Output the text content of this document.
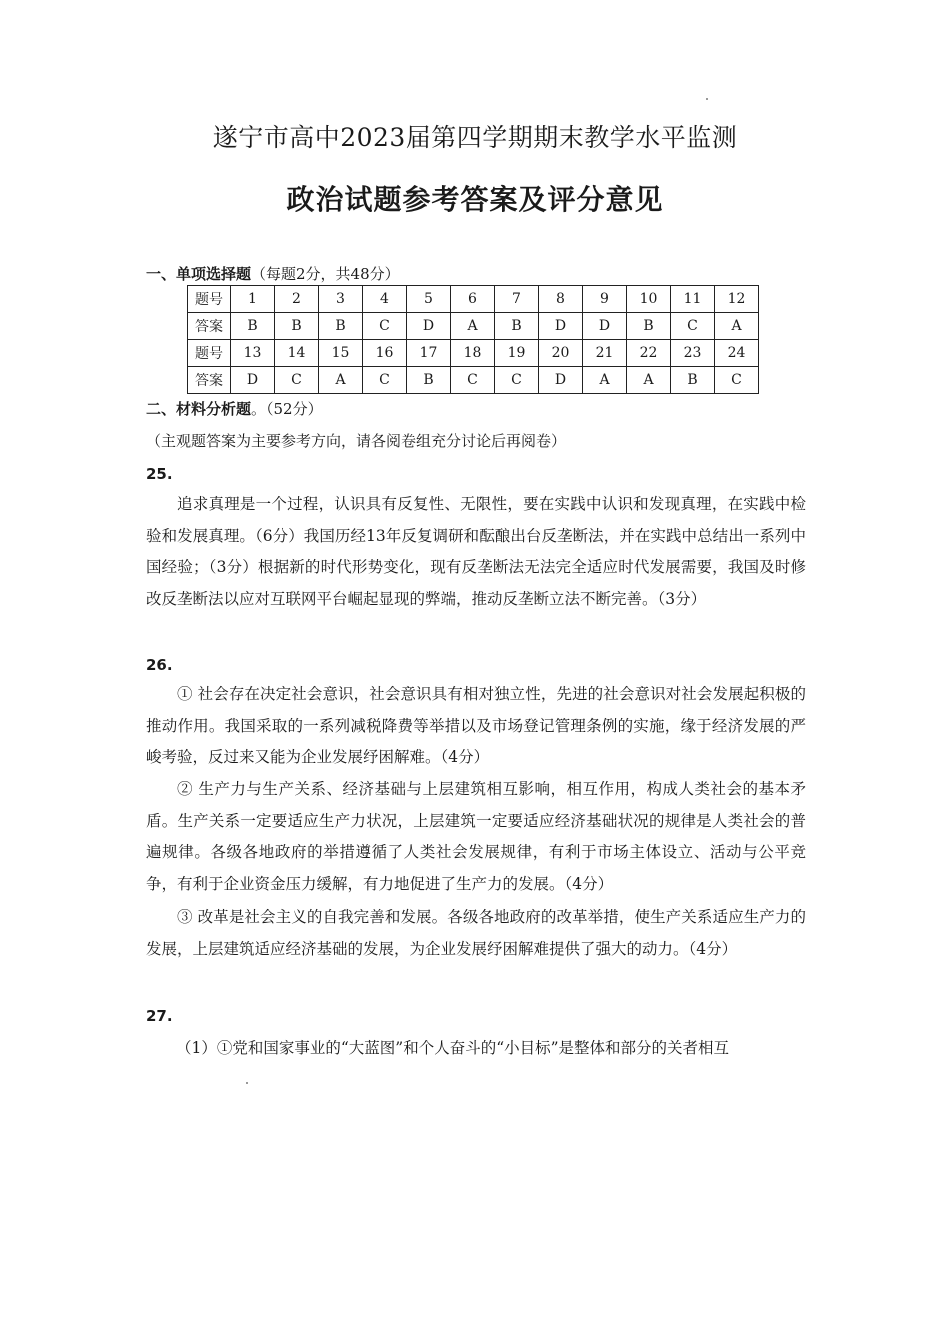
遂宁市高中2023届第四学期期末教学水平监测
政治试题参考答案及评分意见
一、单项选择题（每题2分，共48分）
题号	1	2	3	4	5	6	7	8	9	10	11	12
答案	B	B	B	C	D	A	B	D	D	B	C	A
题号	13	14	15	16	17	18	19	20	21	22	23	24
答案	D	C	A	C	B	C	C	D	A	A	B	C
二、材料分析题。（52分）
（主观题答案为主要参考方向，请各阅卷组充分讨论后再阅卷）
25.
追求真理是一个过程，认识具有反复性、无限性，要在实践中认识和发现真理，在实践中检验和发展真理。（6分）我国历经13年反复调研和酝酿出台反垄断法，并在实践中总结出一系列中国经验；（3分）根据新的时代形势变化，现有反垄断法无法完全适应时代发展需要，我国及时修改反垄断法以应对互联网平台崛起显现的弊端，推动反垄断立法不断完善。（3分）
26.
① 社会存在决定社会意识，社会意识具有相对独立性，先进的社会意识对社会发展起积极的推动作用。我国采取的一系列减税降费等举措以及市场登记管理条例的实施，缘于经济发展的严峻考验，反过来又能为企业发展纾困解难。（4分）
② 生产力与生产关系、经济基础与上层建筑相互影响，相互作用，构成人类社会的基本矛盾。生产关系一定要适应生产力状况，上层建筑一定要适应经济基础状况的规律是人类社会的普遍规律。各级各地政府的举措遵循了人类社会发展规律，有利于市场主体设立、活动与公平竞争，有利于企业资金压力缓解，有力地促进了生产力的发展。（4分）
③ 改革是社会主义的自我完善和发展。各级各地政府的改革举措，使生产关系适应生产力的发展，上层建筑适应经济基础的发展，为企业发展纾困解难提供了强大的动力。（4分）
27.
（1）①党和国家事业的“大蓝图”和个人奋斗的“小目标”是整体和部分的关者相互
